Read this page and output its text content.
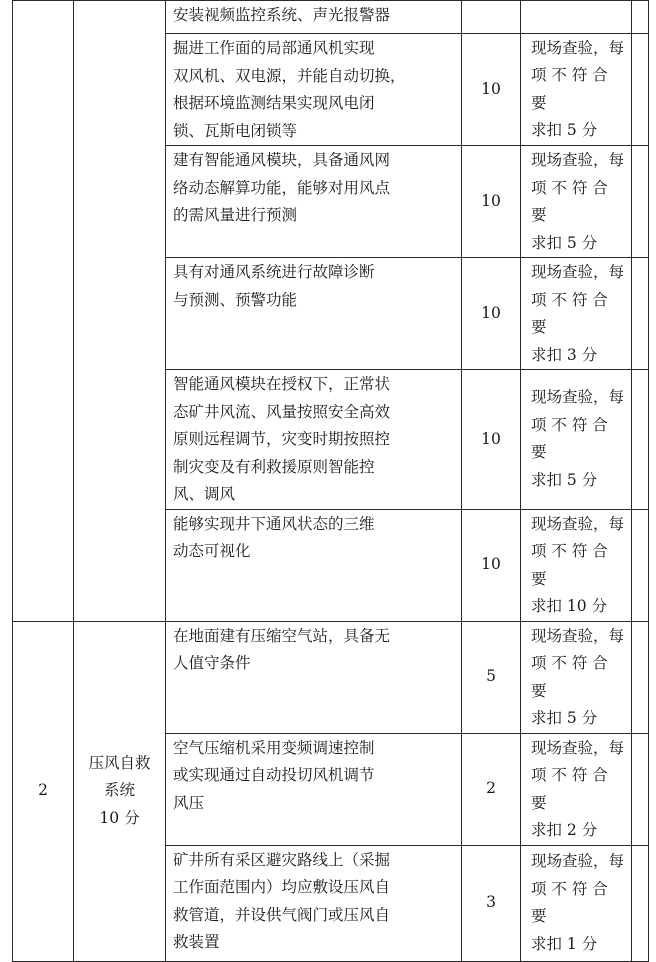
		安装视频监控系统、声光报警器			

		掘进工作面的局部通风机实现
双风机、双电源，并能自动切换，
根据环境监测结果实现风电闭
锁、瓦斯电闭锁等	10	现场查验，每
项 不 符 合 要
求扣 5 分	

		建有智能通风模块，具备通风网
络动态解算功能，能够对用风点
的需风量进行预测	10	现场查验，每
项 不 符 合 要
求扣 5 分	

		具有对通风系统进行故障诊断
与预测、预警功能	10	现场查验，每
项 不 符 合 要
求扣 3 分	

		智能通风模块在授权下，正常状
态矿井风流、风量按照安全高效
原则远程调节，灾变时期按照控
制灾变及有利救援原则智能控
风、调风	10	现场查验，每
项 不 符 合 要
求扣 5 分	

		能够实现井下通风状态的三维
动态可视化	10	现场查验，每
项 不 符 合 要
求扣 10 分	

2	压风自救
系统
10 分	在地面建有压缩空气站，具备无
人值守条件	5	现场查验，每
项 不 符 合 要
求扣 5 分	

		空气压缩机采用变频调速控制
或实现通过自动投切风机调节
风压	2	现场查验，每
项 不 符 合 要
求扣 2 分	

		矿井所有采区避灾路线上（采掘
工作面范围内）均应敷设压风自
救管道，并设供气阀门或压风自
救装置	3	现场查验，每
项 不 符 合 要
求扣 1 分	
